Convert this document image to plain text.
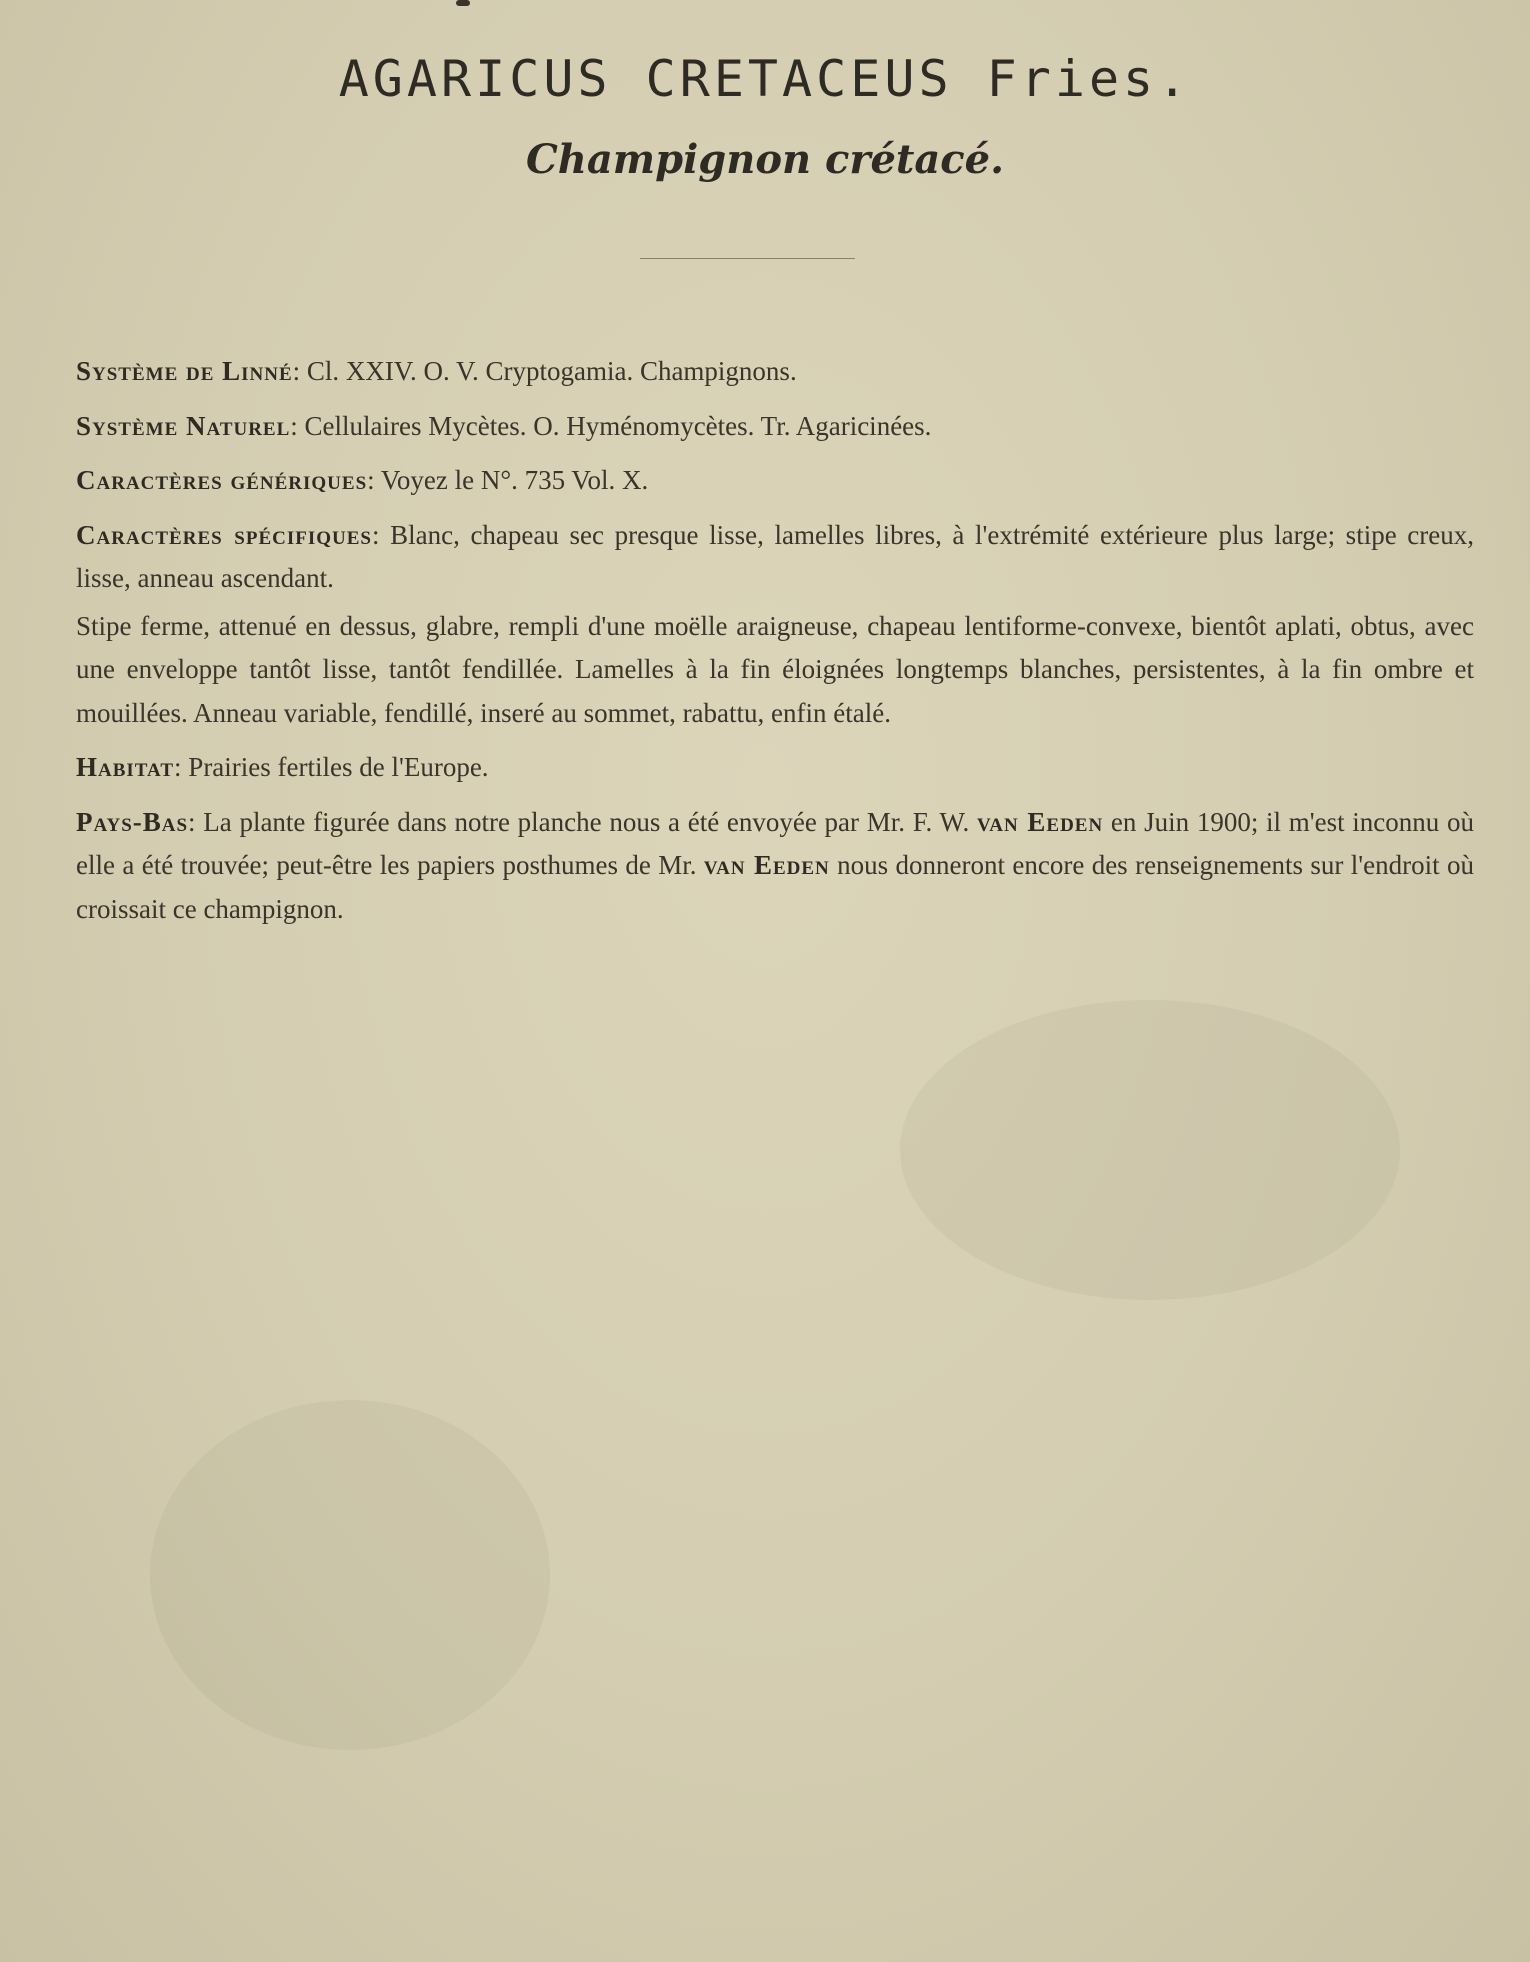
AGARICUS CRETACEUS Fries.
Champignon crétacé.

Système de Linné: Cl. XXIV. O. V. Cryptogamia. Champignons.

Système Naturel: Cellulaires Mycètes. O. Hyménomycètes. Tr. Agaricinées.

Caractères génériques: Voyez le N°. 735 Vol. X.

Caractères spécifiques: Blanc, chapeau sec presque lisse, lamelles libres, à l'extrémité extérieure plus large; stipe creux, lisse, anneau ascendant.

Stipe ferme, attenué en dessus, glabre, rempli d'une moëlle araigneuse, chapeau lentiforme-convexe, bientôt aplati, obtus, avec une enveloppe tantôt lisse, tantôt fendillée. Lamelles à la fin éloignées longtemps blanches, persistentes, à la fin ombre et mouillées. Anneau variable, fendillé, inseré au sommet, rabattu, enfin étalé.

Habitat: Prairies fertiles de l'Europe.

Pays-Bas: La plante figurée dans notre planche nous a été envoyée par Mr. F. W. van Eeden en Juin 1900; il m'est inconnu où elle a été trouvée; peut-être les papiers posthumes de Mr. van Eeden nous donneront encore des renseignements sur l'endroit où croissait ce champignon.
